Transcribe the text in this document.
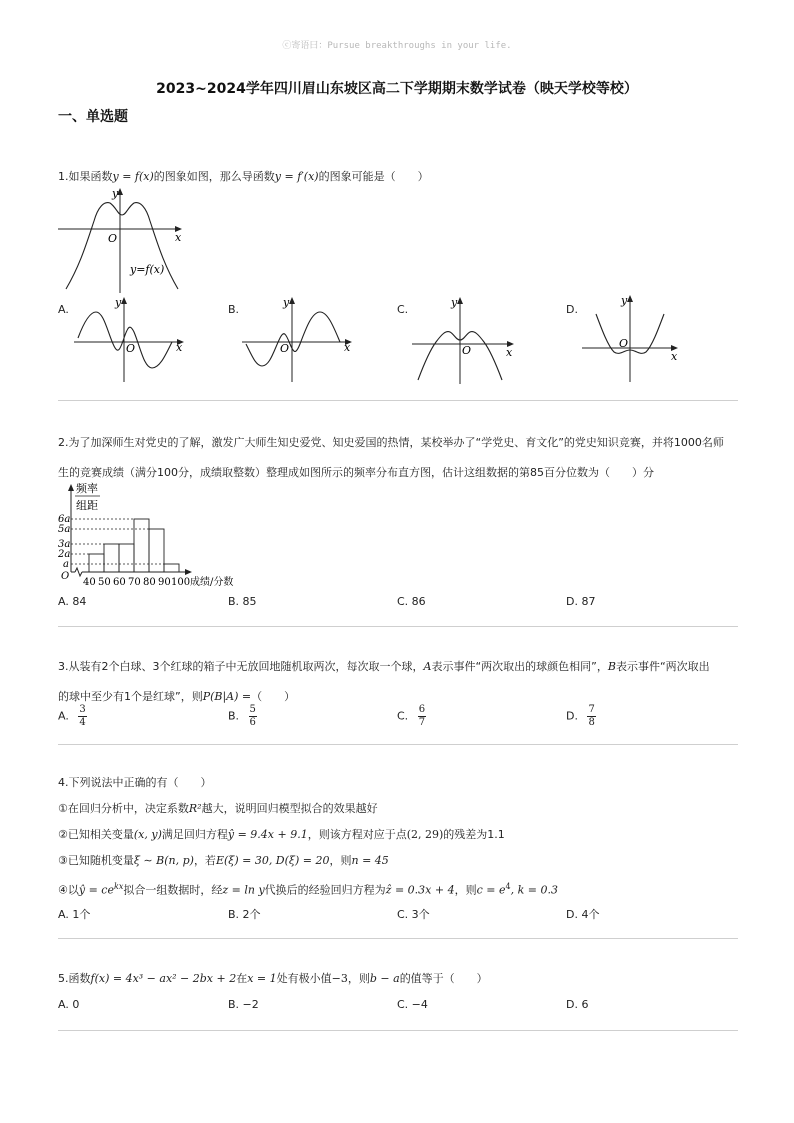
ⓒ寄语曰：Pursue breakthroughs in your life.
2023~2024学年四川眉山东坡区高二下学期期末数学试卷（映天学校等校）
一、单选题
1.如果函数y = f(x)的图象如图，那么导函数y = f′(x)的图象可能是（　　）
y
x
O
y=f(x)
A.
y
x
O
B.
y
x
O
C.
y
x
O
D.
y
x
O
2.为了加深师生对党史的了解，激发广大师生知史爱党、知史爱国的热情，某校举办了“学党史、育文化”的党史知识竞赛，并将1000名师
生的竞赛成绩（满分100分，成绩取整数）整理成如图所示的频率分布直方图，估计这组数据的第85百分位数为（　　）分
频率
组距
6a
5a
3a
2a
a
O
40 50 60 70 80 90 100 成绩/分数
A. 84	B. 85	C. 86	D. 87
3.从装有2个白球、3个红球的箱子中无放回地随机取两次，每次取一个球，A表示事件“两次取出的球颜色相同”，B表示事件“两次取出
的球中至少有1个是红球”，则P(B|A) =（　　）
A. $\frac{3}{4}$	B. $\frac{5}{6}$	C. $\frac{6}{7}$	D. $\frac{7}{8}$
4.下列说法中正确的有（　　）
①在回归分析中，决定系数R²越大，说明回归模型拟合的效果越好
②已知相关变量(x, y)满足回归方程ŷ = 9.4x + 9.1，则该方程对应于点(2, 29)的残差为1.1
③已知随机变量ξ ∼ B(n, p)，若E(ξ) = 30, D(ξ) = 20，则n = 45
④以ŷ = $ce^{kx}$拟合一组数据时，经z = ln y代换后的经验回归方程为ẑ = 0.3x + 4，则$c = e^4$, k = 0.3
A. 1个	B. 2个	C. 3个	D. 4个
5.函数f(x) = 4x³ − ax² − 2bx + 2在x = 1处有极小值−3，则b − a的值等于（　　）
A. 0	B. −2	C. −4	D. 6
